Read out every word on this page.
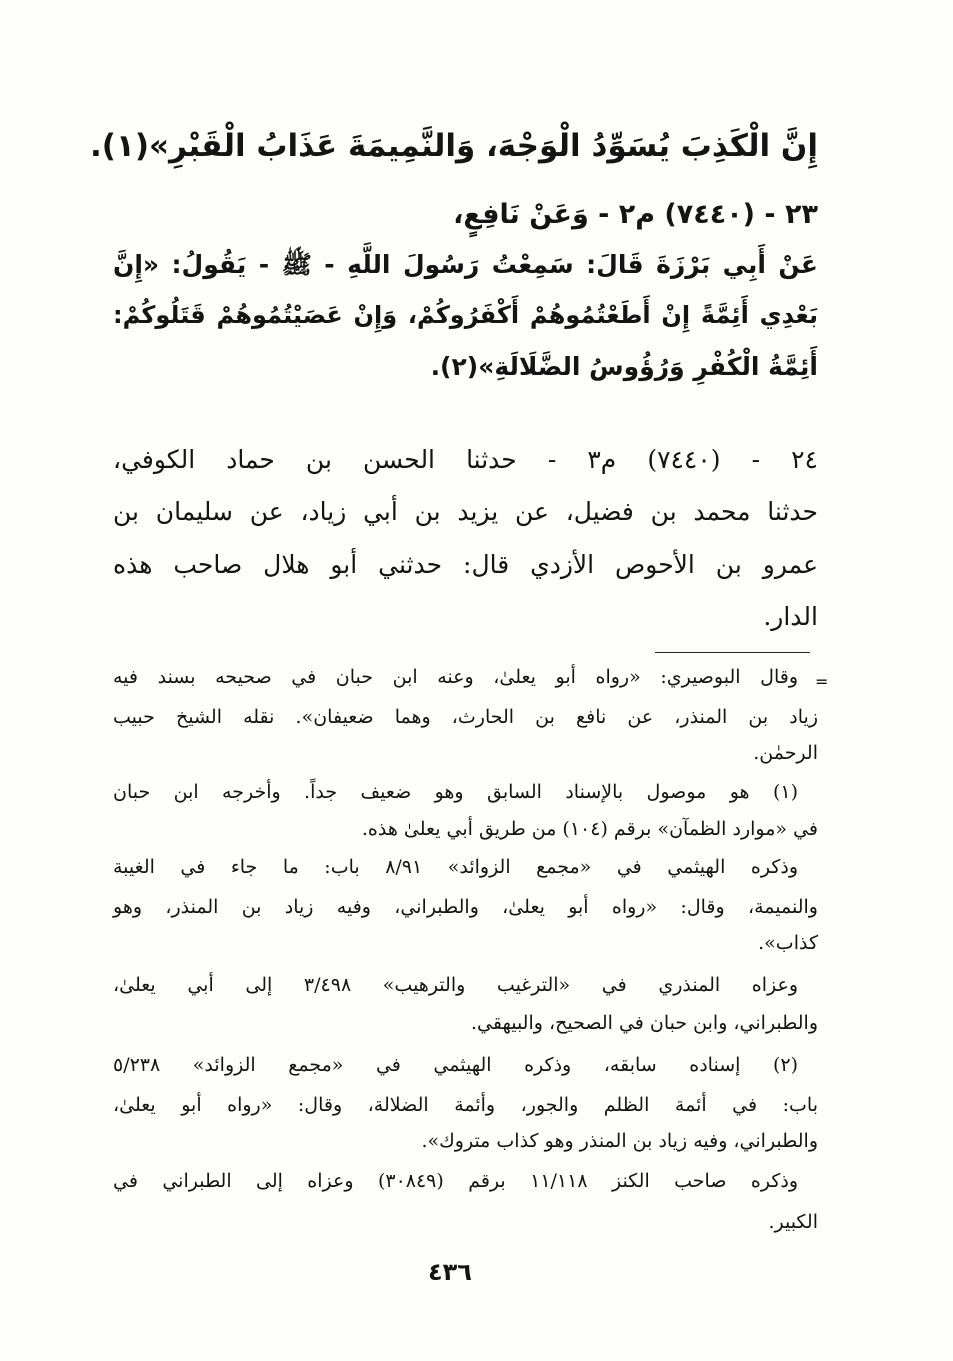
إِنَّ الْكَذِبَ يُسَوِّدُ الْوَجْهَ، وَالنَّمِيمَةَ عَذَابُ الْقَبْرِ»(١).
٢٣ - (٧٤٤٠) م٢ - وَعَنْ نَافِعٍ،
عَنْ أَبِي بَرْزَةَ قَالَ: سَمِعْتُ رَسُولَ اللَّهِ - ﷺ - يَقُولُ: «إِنَّ
بَعْدِي أَئِمَّةً إِنْ أَطَعْتُمُوهُمْ أَكْفَرُوكُمْ، وَإِنْ عَصَيْتُمُوهُمْ قَتَلُوكُمْ:
أَئِمَّةُ الْكُفْرِ وَرُؤُوسُ الضَّلَالَةِ»(٢).
٢٤ - (٧٤٤٠) م٣ - حدثنا الحسن بن حماد الكوفي،
حدثنا محمد بن فضيل، عن يزيد بن أبي زياد، عن سليمان بن
عمرو بن الأحوص الأزدي قال: حدثني أبو هلال صاحب هذه
الدار.
=
وقال البوصيري: «رواه أبو يعلىٰ، وعنه ابن حبان في صحيحه بسند فيه
زياد بن المنذر، عن نافع بن الحارث، وهما ضعيفان». نقله الشيخ حبيب
الرحمٰن.
(١) هو موصول بالإسناد السابق وهو ضعيف جداً. وأخرجه ابن حبان
في «موارد الظمآن» برقم (١٠٤) من طريق أبي يعلىٰ هذه.
وذكره الهيثمي في «مجمع الزوائد» ٨/٩١ باب: ما جاء في الغيبة
والنميمة، وقال: «رواه أبو يعلىٰ، والطبراني، وفيه زياد بن المنذر، وهو
كذاب».
وعزاه المنذري في «الترغيب والترهيب» ٣/٤٩٨ إلى أبي يعلىٰ،
والطبراني، وابن حبان في الصحيح، والبيهقي.
(٢) إسناده سابقه، وذكره الهيثمي في «مجمع الزوائد» ٥/٢٣٨
باب: في أئمة الظلم والجور، وأئمة الضلالة، وقال: «رواه أبو يعلىٰ،
والطبراني، وفيه زياد بن المنذر وهو كذاب متروك».
وذكره صاحب الكنز ١١/١١٨ برقم (٣٠٨٤٩) وعزاه إلى الطبراني في
الكبير.
٤٣٦
